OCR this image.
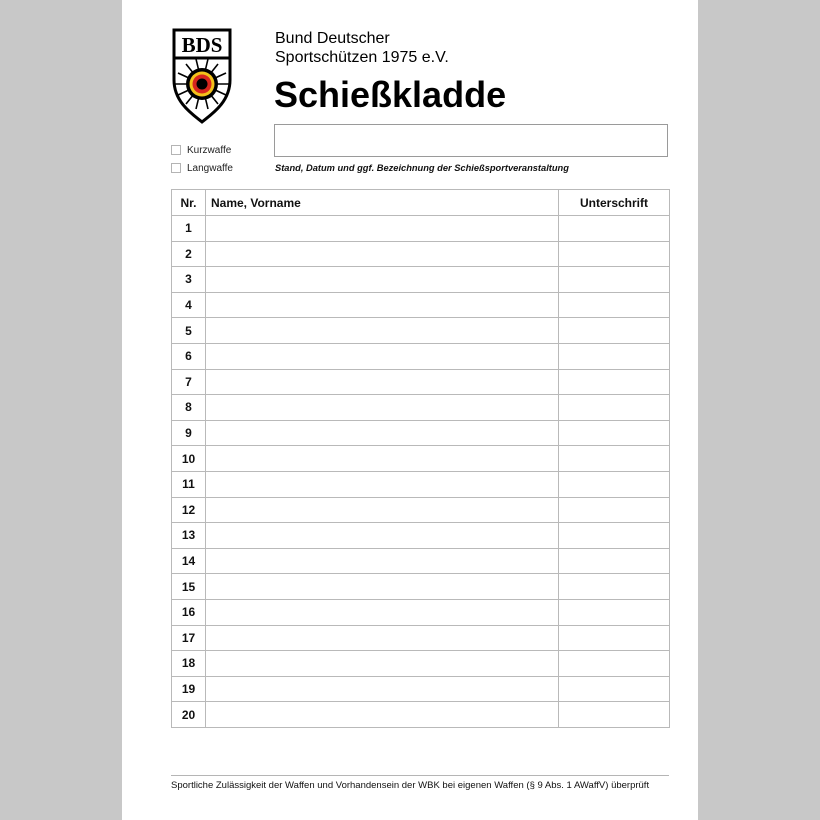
BDS	Bund Deutscher
Sportschützen 1975 e.V.
Schießkladde
Kurzwaffe
Langwaffe	Stand, Datum und ggf. Bezeichnung der Schießsportveranstaltung
Nr.	Name, Vorname	Unterschrift
1		
2		
3		
4		
5		
6		
7		
8		
9		
10		
11		
12		
13		
14		
15		
16		
17		
18		
19		
20		
Sportliche Zulässigkeit der Waffen und Vorhandensein der WBK bei eigenen Waffen (§ 9 Abs. 1 AWaffV) überprüft
